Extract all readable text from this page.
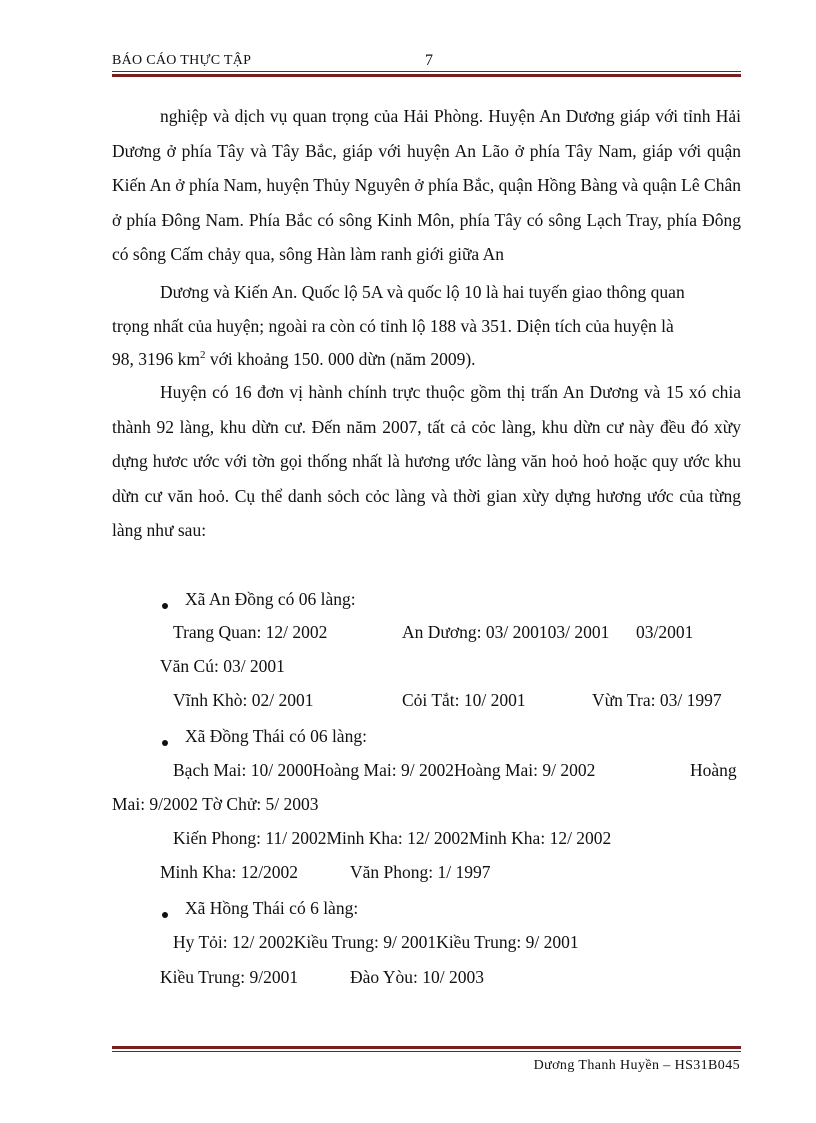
BÁO CÁO THỰC TẬP	7
nghiệp và dịch vụ quan trọng của Hải Phòng. Huyện An Dương giáp với tỉnh Hải Dương ở phía Tây và Tây Bắc, giáp với huyện An Lão ở phía Tây Nam, giáp với quận Kiến An ở phía Nam, huyện Thủy Nguyên ở phía Bắc, quận Hồng Bàng và quận Lê Chân ở phía Đông Nam. Phía Bắc có sông Kinh Môn, phía Tây có sông Lạch Tray, phía Đông có sông Cấm chảy qua, sông Hàn làm ranh giới giữa An
Dương và Kiến An. Quốc lộ 5A và quốc lộ 10 là hai tuyến giao thông quan
trọng nhất của huyện; ngoài ra còn có tỉnh lộ 188 và 351. Diện tích của huyện là
98, 3196 $km^2$ với khoảng 150. 000 dừn (năm 2009).
Huyện có 16 đơn vị hành chính trực thuộc gồm thị trấn An Dương và 15 xó chia thành 92 làng, khu dừn cư. Đến năm 2007, tất cả cỏc làng, khu dừn cư này đều đó xừy dựng hươc ước với tờn gọi thống nhất là hương ước làng văn hoỏ hoỏ hoặc quy ước khu dừn cư văn hoỏ. Cụ thể danh sỏch cỏc làng và thời gian xừy dựng hương ước của từng làng như sau:
Xã An Đồng có 06 làng:
Trang Quan: 12/ 2002	An Dương: 03/ 200103/ 2001 03/2001
Văn Cú: 03/ 2001
Vĩnh Khò: 02/ 2001	Cỏi Tắt: 10/ 2001	Vừn Tra: 03/ 1997
Xã Đồng Thái có 06 làng:
Bạch Mai: 10/ 2000Hoàng Mai: 9/ 2002Hoàng Mai: 9/ 2002	Hoàng
Mai: 9/2002 Tờ Chử: 5/ 2003
Kiến Phong: 11/ 2002Minh Kha: 12/ 2002Minh Kha: 12/ 2002
Minh Kha: 12/2002	Văn Phong: 1/ 1997
Xã Hồng Thái có 6 làng:
Hy Tỏi: 12/ 2002Kiều Trung: 9/ 2001Kiều Trung: 9/ 2001
Kiều Trung: 9/2001	Đào Yòu: 10/ 2003
Dương Thanh Huyền – HS31B045
